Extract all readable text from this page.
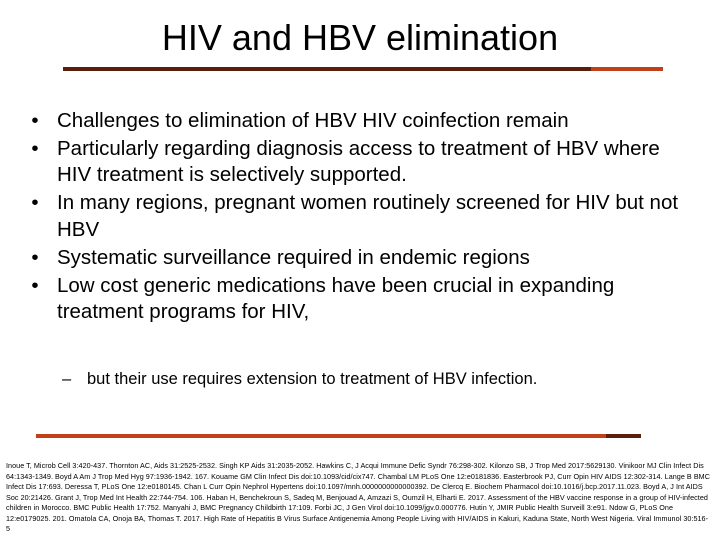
HIV and HBV elimination
• Challenges to elimination of HBV HIV coinfection remain
• Particularly regarding diagnosis access to treatment of HBV where HIV treatment is selectively supported.
• In many regions, pregnant women routinely screened for HIV but not HBV
• Systematic surveillance required in endemic regions
• Low cost generic medications have been crucial in expanding treatment programs for HIV,

– but their use requires extension to treatment of HBV infection.

Inoue T, Microb Cell 3:420-437. Thornton AC, Aids 31:2525-2532. Singh KP Aids 31:2035-2052. Hawkins C, J Acqui Immune Defic Syndr 76:298-302. Kilonzo SB, J Trop Med 2017:5629130. Vinikoor MJ Clin Infect Dis 64:1343-1349. Boyd A Am J Trop Med Hyg 97:1936-1942. 167. Kouame GM Clin Infect Dis doi:10.1093/cid/cix747. Chambal LM PLoS One 12:e0181836. Easterbrook PJ, Curr Opin HIV AIDS 12:302-314. Lange B BMC Infect Dis 17:693. Deressa T, PLoS One 12:e0180145. Chan L Curr Opin Nephrol Hypertens doi:10.1097/mnh.0000000000000392. De Clercq E. Biochem Pharmacol doi:10.1016/j.bcp.2017.11.023. Boyd A, J Int AIDS Soc 20:21426. Grant J, Trop Med Int Health 22:744-754. 106. Haban H, Benchekroun S, Sadeq M, Benjouad A, Amzazi S, Oumzil H, Elharti E. 2017. Assessment of the HBV vaccine response in a group of HIV-infected children in Morocco. BMC Public Health 17:752. Manyahi J, BMC Pregnancy Childbirth 17:109. Forbi JC, J Gen Virol doi:10.1099/jgv.0.000776. Hutin Y, JMIR Public Health Surveill 3:e91. Ndow G, PLoS One 12:e0179025. 201. Omatola CA, Onoja BA, Thomas T. 2017. High Rate of Hepatitis B Virus Surface Antigenemia Among People Living with HIV/AIDS in Kakuri, Kaduna State, North West Nigeria. Viral Immunol 30:516-5
